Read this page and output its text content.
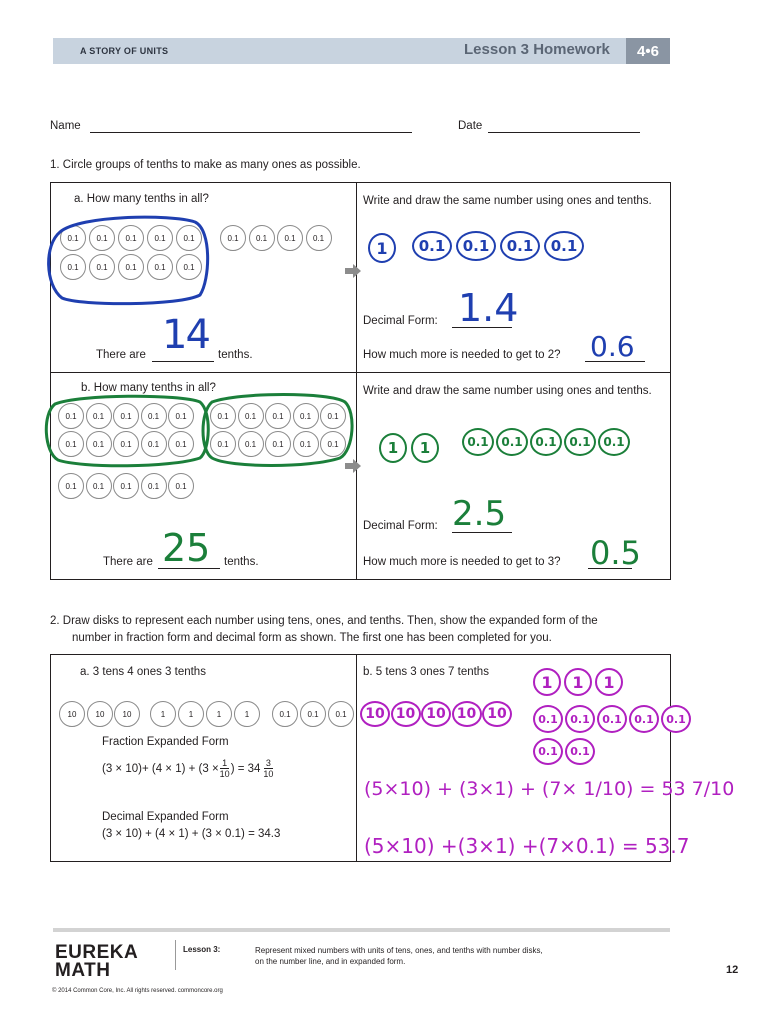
A STORY OF UNITS	Lesson 3 Homework	4•6
Name	Date
1. Circle groups of tenths to make as many ones as possible.
a. How many tenths in all?
0.1	0.1	0.1	0.1	0.1
0.1	0.1	0.1	0.1	0.1
0.1	0.1	0.1	0.1
There are 14 tenths.
Write and draw the same number using ones and tenths.
1	0.1	0.1	0.1	0.1
Decimal Form: 1.4
How much more is needed to get to 2? 0.6
b. How many tenths in all?
0.1	0.1	0.1	0.1	0.1
0.1	0.1	0.1	0.1	0.1
0.1	0.1	0.1	0.1	0.1
0.1	0.1	0.1	0.1	0.1
0.1	0.1	0.1	0.1	0.1
There are 25 tenths.
Write and draw the same number using ones and tenths.
1	1	0.1	0.1	0.1	0.1	0.1
Decimal Form: 2.5
How much more is needed to get to 3? 0.5
2. Draw disks to represent each number using tens, ones, and tenths. Then, show the expanded form of the
number in fraction form and decimal form as shown. The first one has been completed for you.
a. 3 tens 4 ones 3 tenths
10	10	10	1	1	1	1	0.1	0.1	0.1
Fraction Expanded Form
$(3 \times 10)+ (4 \times 1) + (3 \times \frac{1}{10}$ ) = $34 \frac{3}{10}$
Decimal Expanded Form
(3 × 10) + (4 × 1) + (3 × 0.1) = 34.3
b. 5 tens 3 ones 7 tenths
10 10 10 10 10
1	1	1
0.1	0.1	0.1	0.1	0.1
0.1	0.1
(5×10) + (3×1) + (7× 1/10) = 53 7/10
(5×10) +(3×1) +(7×0.1) = 53.7
EUREKA
MATH
Lesson 3:	Represent mixed numbers with units of tens, ones, and tenths with number disks, on the number line, and in expanded form.
© 2014 Common Core, Inc. All rights reserved. commoncore.org
12
